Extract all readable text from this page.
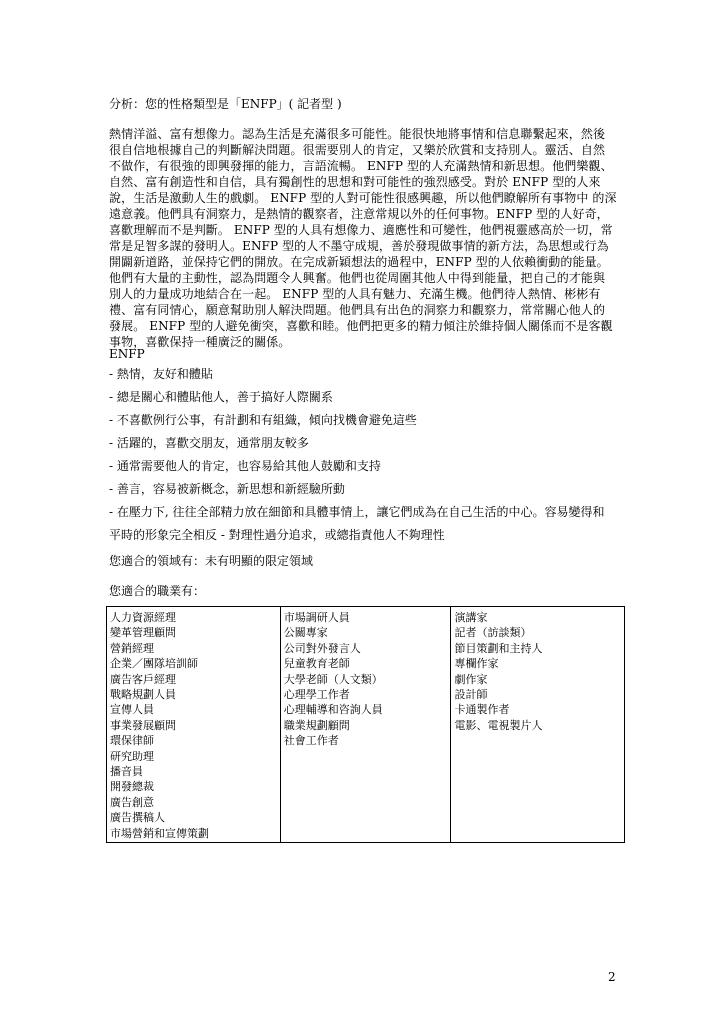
分析：您的性格類型是「ENFP」( 記者型 )
熱情洋溢、富有想像力。認為生活是充滿很多可能性。能很快地將事情和信息聯繫起來，然後
很自信地根據自己的判斷解決問題。很需要別人的肯定，又樂於欣賞和支持別人。靈活、自然
不做作，有很強的即興發揮的能力，言語流暢。 ENFP 型的人充滿熱情和新思想。他們樂觀、
自然、富有創造性和自信，具有獨創性的思想和對可能性的強烈感受。對於 ENFP 型的人來
說，生活是激動人生的戲劇。 ENFP 型的人對可能性很感興趣，所以他們瞭解所有事物中 的深
遠意義。他們具有洞察力，是熱情的觀察者，注意常規以外的任何事物。ENFP 型的人好奇，
喜歡理解而不是判斷。 ENFP 型的人具有想像力、適應性和可變性，他們視靈感高於一切，常
常是足智多謀的發明人。ENFP 型的人不墨守成規，善於發現做事情的新方法，為思想或行為
開闢新道路，並保持它們的開放。在完成新穎想法的過程中，ENFP 型的人依賴衝動的能量。
他們有大量的主動性，認為問題令人興奮。他們也從周圍其他人中得到能量，把自己的才能與
別人的力量成功地結合在一起。 ENFP 型的人具有魅力、充滿生機。他們待人熱情、彬彬有
禮、富有同情心，願意幫助別人解決問題。他們具有出色的洞察力和觀察力，常常關心他人的
發展。 ENFP 型的人避免衝突，喜歡和睦。他們把更多的精力傾注於維持個人關係而不是客觀
事物，喜歡保持一種廣泛的關係。
ENFP
- 熱情，友好和體貼
- 總是關心和體貼他人，善于搞好人際關系
- 不喜歡例行公事，有計劃和有組織，傾向找機會避免這些
- 活躍的，喜歡交朋友，通常朋友較多
- 通常需要他人的肯定，也容易給其他人鼓勵和支持
- 善言，容易被新概念，新思想和新經驗所動
- 在壓力下, 往往全部精力放在細節和具體事情上，讓它們成為在自己生活的中心。容易變得和
平時的形象完全相反 - 對理性過分追求，或總指責他人不夠理性
您適合的領域有：未有明顯的限定領域
您適合的職業有：
人力資源經理
變革管理顧問
營銷經理
企業／團隊培訓師
廣告客戶經理
戰略規劃人員
宣傳人員
事業發展顧問
環保律師
研究助理
播音員
開發總裁
廣告創意
廣告撰稿人
市場營銷和宣傳策劃

市場調研人員
公關專家
公司對外發言人
兒童教育老師
大學老師（人文類）
心理學工作者
心理輔導和咨詢人員
職業規劃顧問
社會工作者

演講家
記者（訪談類）
節目策劃和主持人
專欄作家
劇作家
設計師
卡通製作者
電影、電視製片人
2
